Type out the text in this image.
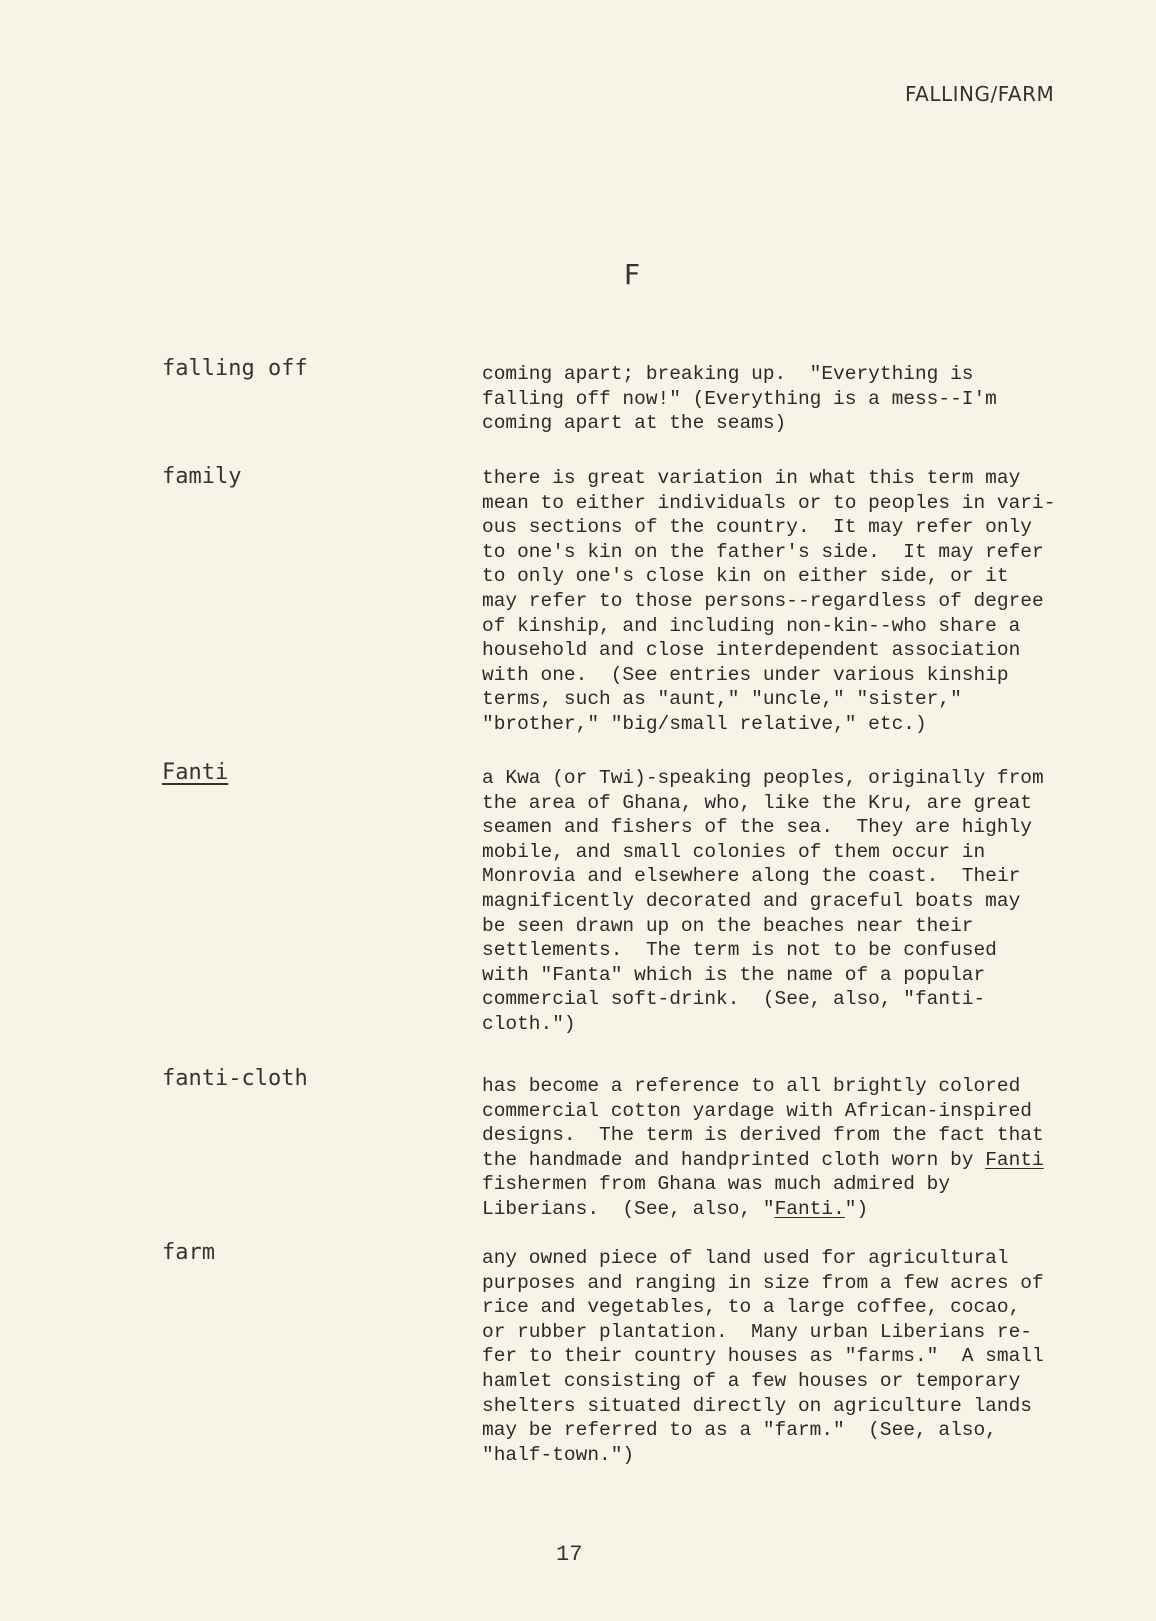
FALLING/FARM
F
falling off	coming apart; breaking up.  "Everything is
falling off now!" (Everything is a mess--I'm
coming apart at the seams)
family	there is great variation in what this term may
mean to either individuals or to peoples in vari-
ous sections of the country.  It may refer only
to one's kin on the father's side.  It may refer
to only one's close kin on either side, or it
may refer to those persons--regardless of degree
of kinship, and including non-kin--who share a
household and close interdependent association
with one.  (See entries under various kinship
terms, such as "aunt," "uncle," "sister,"
"brother," "big/small relative," etc.)
Fanti	a Kwa (or Twi)-speaking peoples, originally from
the area of Ghana, who, like the Kru, are great
seamen and fishers of the sea.  They are highly
mobile, and small colonies of them occur in
Monrovia and elsewhere along the coast.  Their
magnificently decorated and graceful boats may
be seen drawn up on the beaches near their
settlements.  The term is not to be confused
with "Fanta" which is the name of a popular
commercial soft-drink.  (See, also, "fanti-
cloth.")
fanti-cloth	has become a reference to all brightly colored
commercial cotton yardage with African-inspired
designs.  The term is derived from the fact that
the handmade and handprinted cloth worn by Fanti
fishermen from Ghana was much admired by
Liberians.  (See, also, "Fanti.")
farm	any owned piece of land used for agricultural
purposes and ranging in size from a few acres of
rice and vegetables, to a large coffee, cocao,
or rubber plantation.  Many urban Liberians re-
fer to their country houses as "farms."  A small
hamlet consisting of a few houses or temporary
shelters situated directly on agriculture lands
may be referred to as a "farm."  (See, also,
"half-town.")
17
